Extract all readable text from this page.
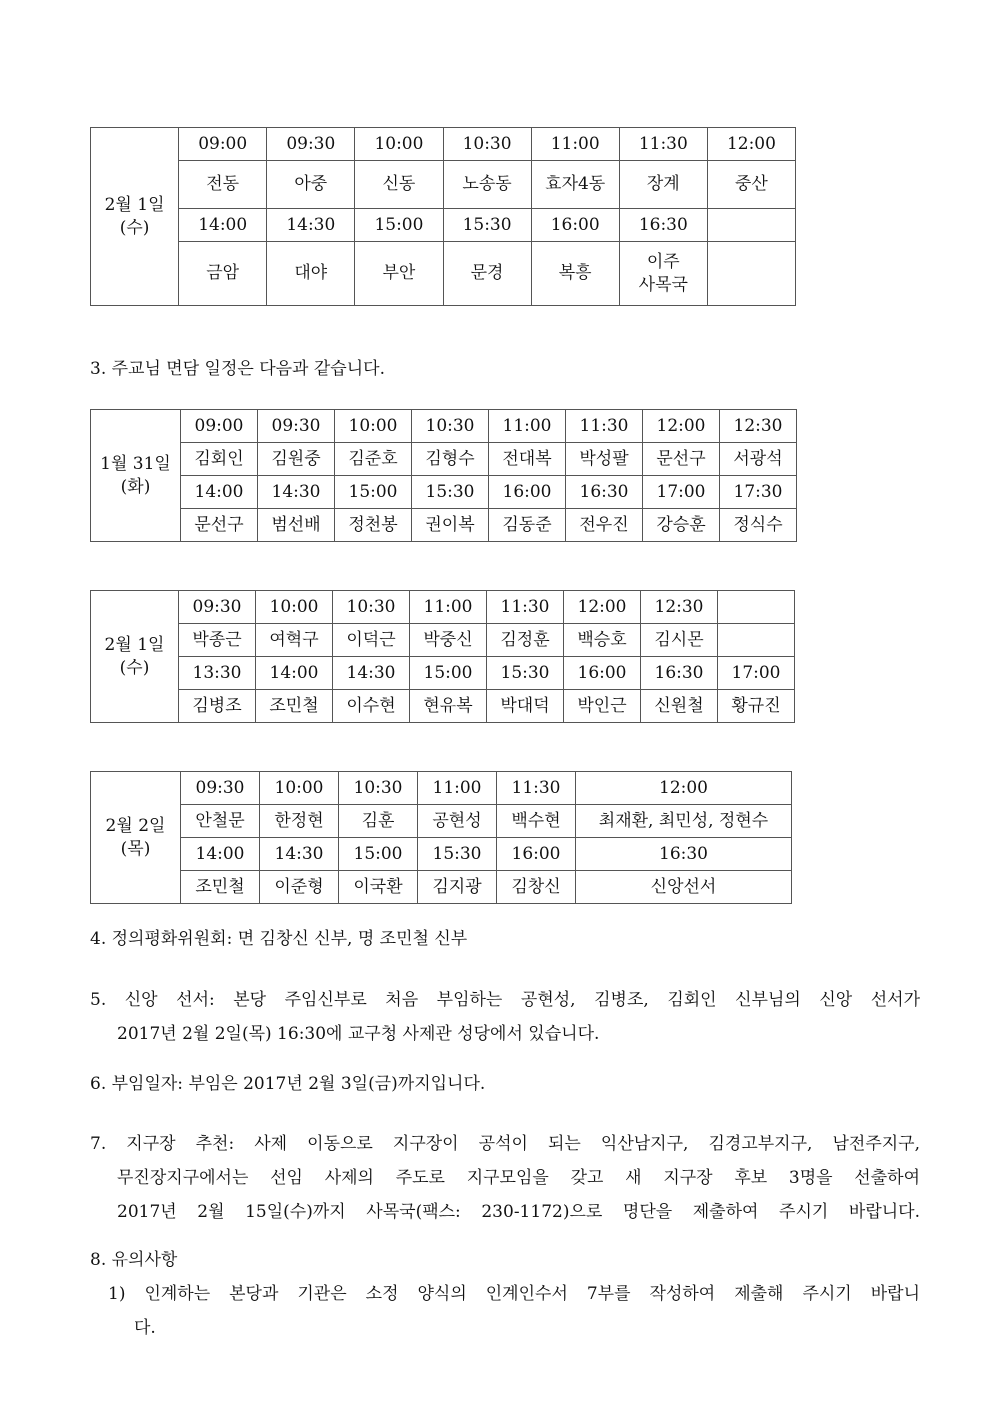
2월 1일
(수)	09:00	09:30	10:00	10:30	11:00	11:30	12:00
	전동	아중	신동	노송동	효자4동	장계	중산
	14:00	14:30	15:00	15:30	16:00	16:30	
	금암	대야	부안	문경	복흥	이주
사목국	

3. 주교님 면담 일정은 다음과 같습니다.

1월 31일
(화)	09:00	09:30	10:00	10:30	11:00	11:30	12:00	12:30
	김회인	김원중	김준호	김형수	전대복	박성팔	문선구	서광석
	14:00	14:30	15:00	15:30	16:00	16:30	17:00	17:30
	문선구	범선배	정천봉	권이복	김동준	전우진	강승훈	정식수
2월 1일
(수)	09:30	10:00	10:30	11:00	11:30	12:00	12:30	
	박종근	여혁구	이덕근	박중신	김정훈	백승호	김시몬	
	13:30	14:00	14:30	15:00	15:30	16:00	16:30	17:00
	김병조	조민철	이수현	현유복	박대덕	박인근	신원철	황규진
2월 2일
(목)	09:30	10:00	10:30	11:00	11:30	12:00
	안철문	한정현	김훈	공현성	백수현	최재환, 최민성, 정현수
	14:00	14:30	15:00	15:30	16:00	16:30
	조민철	이준형	이국환	김지광	김창신	신앙선서

4. 정의평화위원회: 면 김창신 신부, 명 조민철 신부

5. 신앙 선서: 본당 주임신부로 처음 부임하는 공현성, 김병조, 김회인 신부님의 신앙 선서가
2017년 2월 2일(목) 16:30에 교구청 사제관 성당에서 있습니다.

6. 부임일자: 부임은 2017년 2월 3일(금)까지입니다.

7. 지구장 추천: 사제 이동으로 지구장이 공석이 되는 익산남지구, 김경고부지구, 남전주지구,
무진장지구에서는 선임 사제의 주도로 지구모임을 갖고 새 지구장 후보 3명을 선출하여
2017년 2월 15일(수)까지 사목국(팩스: 230-1172)으로 명단을 제출하여 주시기 바랍니다.

8. 유의사항
1) 인계하는 본당과 기관은 소정 양식의 인계인수서 7부를 작성하여 제출해 주시기 바랍니
다.
